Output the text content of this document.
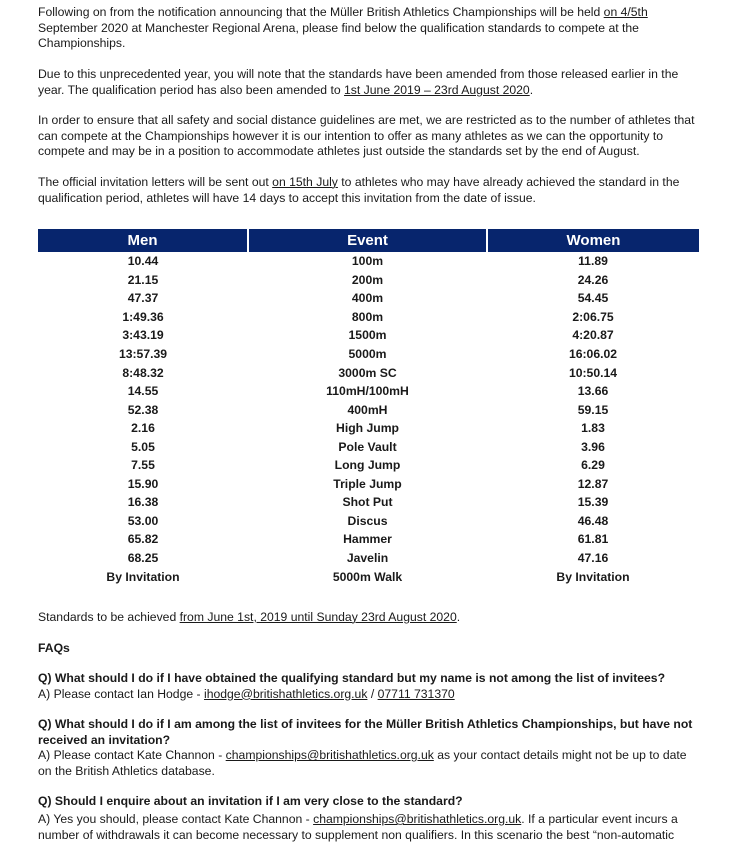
Following on from the notification announcing that the Müller British Athletics Championships will be held on 4/5th September 2020 at Manchester Regional Arena, please find below the qualification standards to compete at the Championships.

Due to this unprecedented year, you will note that the standards have been amended from those released earlier in the year. The qualification period has also been amended to 1st June 2019 – 23rd August 2020.

In order to ensure that all safety and social distance guidelines are met, we are restricted as to the number of athletes that can compete at the Championships however it is our intention to offer as many athletes as we can the opportunity to compete and may be in a position to accommodate athletes just outside the standards set by the end of August.

The official invitation letters will be sent out on 15th July to athletes who may have already achieved the standard in the qualification period, athletes will have 14 days to accept this invitation from the date of issue.

Men	Event	Women
10.44	100m	11.89
21.15	200m	24.26
47.37	400m	54.45
1:49.36	800m	2:06.75
3:43.19	1500m	4:20.87
13:57.39	5000m	16:06.02
8:48.32	3000m SC	10:50.14
14.55	110mH/100mH	13.66
52.38	400mH	59.15
2.16	High Jump	1.83
5.05	Pole Vault	3.96
7.55	Long Jump	6.29
15.90	Triple Jump	12.87
16.38	Shot Put	15.39
53.00	Discus	46.48
65.82	Hammer	61.81
68.25	Javelin	47.16
By Invitation	5000m Walk	By Invitation

Standards to be achieved from June 1st, 2019 until Sunday 23rd August 2020.

FAQs

Q) What should I do if I have obtained the qualifying standard but my name is not among the list of invitees?
A) Please contact Ian Hodge - ihodge@britishathletics.org.uk / 07711 731370

Q) What should I do if I am among the list of invitees for the Müller British Athletics Championships, but have not received an invitation?
A) Please contact Kate Channon - championships@britishathletics.org.uk as your contact details might not be up to date on the British Athletics database.

Q) Should I enquire about an invitation if I am very close to the standard?

A) Yes you should, please contact Kate Channon - championships@britishathletics.org.uk. If a particular event incurs a number of withdrawals it can become necessary to supplement non qualifiers. In this scenario the best “non-automatic
